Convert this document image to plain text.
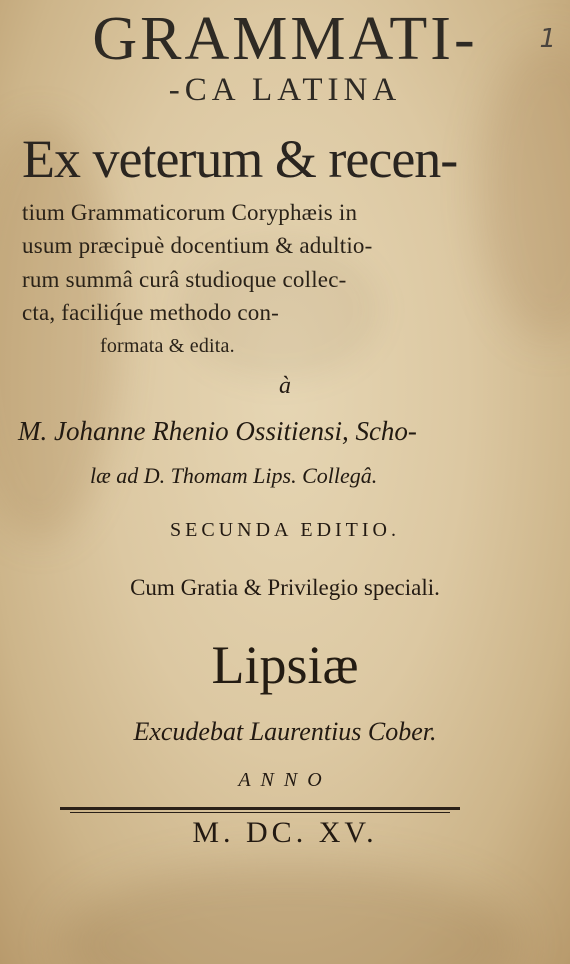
1
GRAMMATI-
-CA LATINA
Ex veterum & recen-
tium Grammaticorum Coryphæis in
usum præcipuè docentium & adultio-
rum summâ curâ studioque collec-
cta, faciliq́ue methodo con-
formata & edita.
à
M. Johanne Rhenio Ossitiensi, Scho-
læ ad D. Thomam Lips. Collegâ.
SECUNDA EDITIO.
Cum Gratia & Privilegio speciali.
Lipsiæ
Excudebat Laurentius Cober.
ANNO
M. DC. XV.
